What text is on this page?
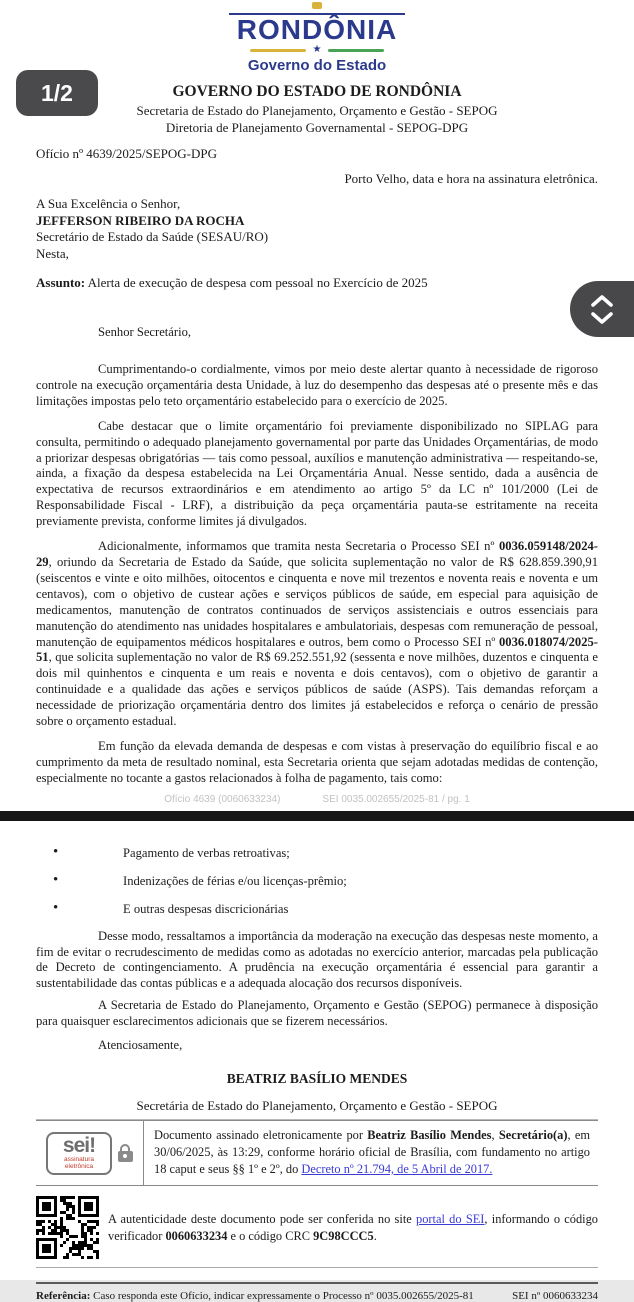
1/2
RONDÔNIA
★
Governo do Estado
GOVERNO DO ESTADO DE RONDÔNIA
Secretaria de Estado do Planejamento, Orçamento e Gestão - SEPOG
Diretoria de Planejamento Governamental - SEPOG-DPG
Ofício nº 4639/2025/SEPOG-DPG
Porto Velho, data e hora na assinatura eletrônica.
A Sua Excelência o Senhor,
JEFFERSON RIBEIRO DA ROCHA
Secretário de Estado da Saúde (SESAU/RO)
Nesta,
Assunto: Alerta de execução de despesa com pessoal no Exercício de 2025
Senhor Secretário,

Cumprimentando-o cordialmente, vimos por meio deste alertar quanto à necessidade de rigoroso controle na execução orçamentária desta Unidade, à luz do desempenho das despesas até o presente mês e das limitações impostas pelo teto orçamentário estabelecido para o exercício de 2025.

Cabe destacar que o limite orçamentário foi previamente disponibilizado no SIPLAG para consulta, permitindo o adequado planejamento governamental por parte das Unidades Orçamentárias, de modo a priorizar despesas obrigatórias — tais como pessoal, auxílios e manutenção administrativa — respeitando-se, ainda, a fixação da despesa estabelecida na Lei Orçamentária Anual. Nesse sentido, dada a ausência de expectativa de recursos extraordinários e em atendimento ao artigo 5º da LC nº 101/2000 (Lei de Responsabilidade Fiscal - LRF), a distribuição da peça orçamentária pauta-se estritamente na receita previamente prevista, conforme limites já divulgados.

Adicionalmente, informamos que tramita nesta Secretaria o Processo SEI nº 0036.059148/2024-29, oriundo da Secretaria de Estado da Saúde, que solicita suplementação no valor de R$ 628.859.390,91 (seiscentos e vinte e oito milhões, oitocentos e cinquenta e nove mil trezentos e noventa reais e noventa e um centavos), com o objetivo de custear ações e serviços públicos de saúde, em especial para aquisição de medicamentos, manutenção de contratos continuados de serviços assistenciais e outros essenciais para manutenção do atendimento nas unidades hospitalares e ambulatoriais, despesas com remuneração de pessoal, manutenção de equipamentos médicos hospitalares e outros, bem como o Processo SEI nº 0036.018074/2025-51, que solicita suplementação no valor de R$ 69.252.551,92 (sessenta e nove milhões, duzentos e cinquenta e dois mil quinhentos e cinquenta e um reais e noventa e dois centavos), com o objetivo de garantir a continuidade e a qualidade das ações e serviços públicos de saúde (ASPS). Tais demandas reforçam a necessidade de priorização orçamentária dentro dos limites já estabelecidos e reforça o cenário de pressão sobre o orçamento estadual.

Em função da elevada demanda de despesas e com vistas à preservação do equilíbrio fiscal e ao cumprimento da meta de resultado nominal, esta Secretaria orienta que sejam adotadas medidas de contenção, especialmente no tocante a gastos relacionados à folha de pagamento, tais como:

Ofício 4639 (0060633234)	SEI 0035.002655/2025-81 / pg. 1
• Pagamento de verbas retroativas;
• Indenizações de férias e/ou licenças-prêmio;
• E outras despesas discricionárias

Desse modo, ressaltamos a importância da moderação na execução das despesas neste momento, a fim de evitar o recrudescimento de medidas como as adotadas no exercício anterior, marcadas pela publicação de Decreto de contingenciamento. A prudência na execução orçamentária é essencial para garantir a sustentabilidade das contas públicas e a adequada alocação dos recursos disponíveis.

A Secretaria de Estado do Planejamento, Orçamento e Gestão (SEPOG) permanece à disposição para quaisquer esclarecimentos adicionais que se fizerem necessários.

Atenciosamente,
BEATRIZ BASÍLIO MENDES
Secretária de Estado do Planejamento, Orçamento e Gestão - SEPOG
sei!
assinatura eletrônica
Documento assinado eletronicamente por Beatriz Basílio Mendes, Secretário(a), em 30/06/2025, às 13:29, conforme horário oficial de Brasília, com fundamento no artigo 18 caput e seus §§ 1º e 2º, do Decreto nº 21.794, de 5 Abril de 2017.
A autenticidade deste documento pode ser conferida no site portal do SEI, informando o código verificador 0060633234 e o código CRC 9C98CCC5.
Referência: Caso responda este Ofício, indicar expressamente o Processo nº 0035.002655/2025-81	SEI nº 0060633234
